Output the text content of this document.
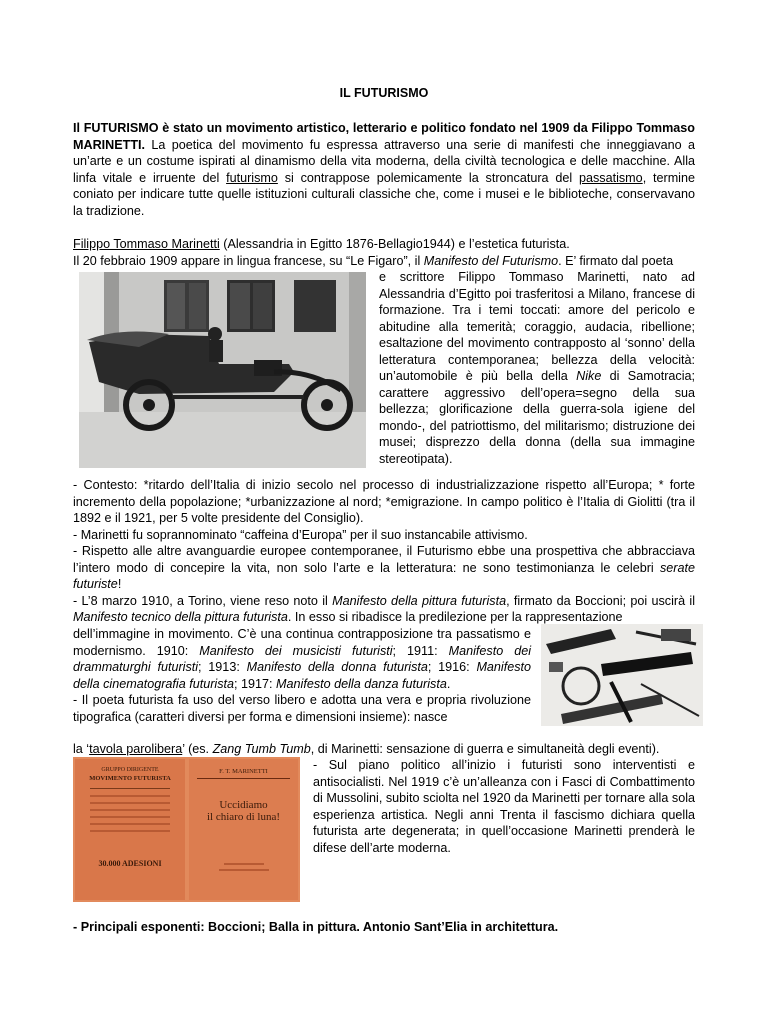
IL FUTURISMO

Il FUTURISMO è stato un movimento artistico, letterario e politico fondato nel 1909 da Filippo Tommaso MARINETTI. La poetica del movimento fu espressa attraverso una serie di manifesti che inneggiavano a un’arte e un costume ispirati al dinamismo della vita moderna, della civiltà tecnologica e delle macchine. Alla linfa vitale e irruente del futurismo si contrappose polemicamente la stroncatura del passatismo, termine coniato per indicare tutte quelle istituzioni culturali classiche che, come i musei e le biblioteche, conservavano la tradizione.

Filippo Tommaso Marinetti (Alessandria in Egitto 1876-Bellagio1944) e l’estetica futurista.
Il 20 febbraio 1909 appare in lingua francese, su “Le Figaro”, il Manifesto del Futurismo. E’ firmato dal poeta

e scrittore Filippo Tommaso Marinetti, nato ad Alessandria d’Egitto poi trasferitosi a Milano, francese di formazione. Tra i temi toccati: amore del pericolo e abitudine alla temerità; coraggio, audacia, ribellione; esaltazione del movimento contrapposto al ‘sonno’ della letteratura contemporanea; bellezza della velocità: un’automobile è più bella della Nike di Samotracia; carattere aggressivo dell’opera=segno della sua bellezza; glorificazione della guerra-sola igiene del mondo-, del patriottismo, del militarismo; distruzione dei musei; disprezzo della donna (della sua immagine stereotipata).

- Contesto: *ritardo dell’Italia di inizio secolo nel processo di industrializzazione rispetto all’Europa; * forte incremento della popolazione; *urbanizzazione al nord; *emigrazione. In campo politico è l’Italia di Giolitti (tra il 1892 e il 1921, per 5 volte presidente del Consiglio).

- Marinetti fu soprannominato “caffeina d’Europa” per il suo instancabile attivismo.

- Rispetto alle altre avanguardie europee contemporanee, il Futurismo ebbe una prospettiva che abbracciava l’intero modo di concepire la vita, non solo l’arte e la letteratura: ne sono testimonianza le celebri serate futuriste!

- L’8 marzo 1910, a Torino, viene reso noto il Manifesto della pittura futurista, firmato da Boccioni; poi uscirà il Manifesto tecnico della pittura futurista. In esso si ribadisce la predilezione per la rappresentazione

dell’immagine in movimento. C’è una continua contrapposizione tra passatismo e modernismo. 1910: Manifesto dei musicisti futuristi; 1911: Manifesto dei drammaturghi futuristi; 1913: Manifesto della donna futurista; 1916: Manifesto della cinematografia futurista; 1917: Manifesto della danza futurista.

- Il poeta futurista fa uso del verso libero e adotta una vera e propria rivoluzione tipografica (caratteri diversi per forma e dimensioni insieme): nasce

la ‘tavola parolibera’ (es. Zang Tumb Tumb, di Marinetti: sensazione di guerra e simultaneità degli eventi).
GRUPPO DIRIGENTE
MOVIMENTO FUTURISTA
30.000 ADESIONI
F. T. MARINETTI
Uccidiamo
il chiaro di luna!

- Sul piano politico all’inizio i futuristi sono interventisti e antisocialisti. Nel 1919 c’è un’alleanza con i Fasci di Combattimento di Mussolini, subito sciolta nel 1920 da Marinetti per tornare alla sola esperienza artistica. Negli anni Trenta il fascismo dichiara quella futurista arte degenerata; in quell’occasione Marinetti prenderà le difese dell’arte moderna.

- Principali esponenti: Boccioni; Balla in pittura. Antonio Sant’Elia in architettura.
